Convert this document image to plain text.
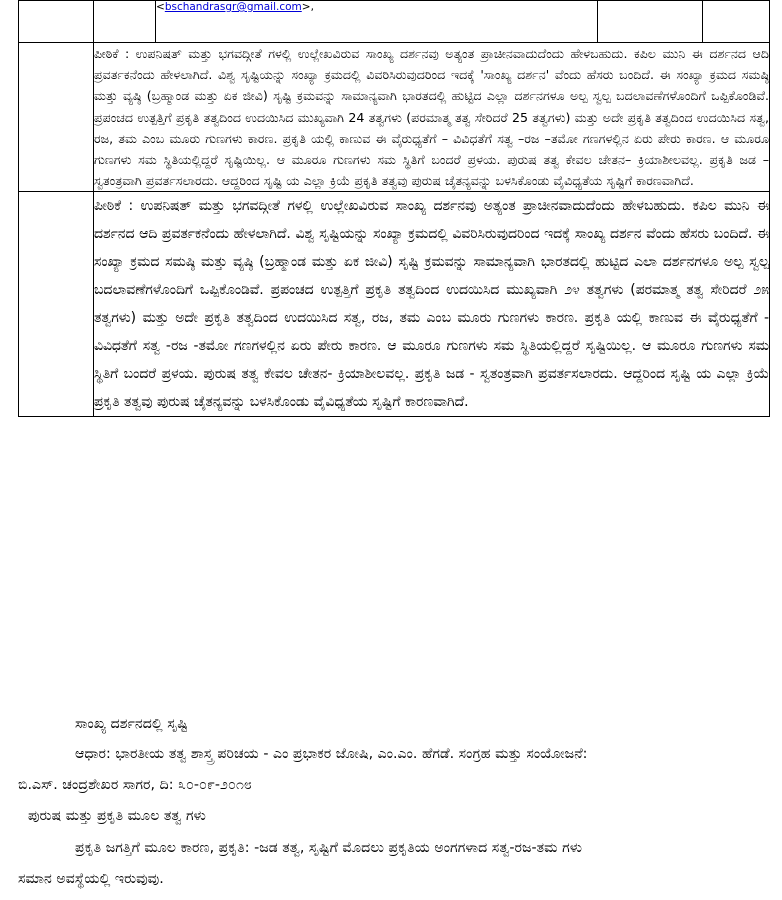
		<bschandrasgr@gmail.com>,		
	ಪೀಠಿಕೆ : ಉಪನಿಷತ್ ಮತ್ತು ಭಗವದ್ಗೀತೆ ಗಳಲ್ಲಿ ಉಲ್ಲೇಖವಿರುವ ಸಾಂಖ್ಯ ದರ್ಶನವು ಅತ್ಯಂತ ಪ್ರಾಚೀನವಾದುದೆಂದು ಹೇಳಬಹುದು. ಕಪಿಲ ಮುನಿ ಈ ದರ್ಶನದ ಆದಿ ಪ್ರವರ್ತಕನೆಂದು ಹೇಳಲಾಗಿದೆ. ವಿಶ್ವ ಸೃಷ್ಟಿಯನ್ನು ಸಂಖ್ಯಾ ಕ್ರಮದಲ್ಲಿ ವಿವರಿಸಿರುವುದರಿಂದ ಇದಕ್ಕೆ 'ಸಾಂಖ್ಯ ದರ್ಶನ' ವೆಂದು ಹೆಸರು ಬಂದಿದೆ. ಈ ಸಂಖ್ಯಾ ಕ್ರಮದ ಸಮಷ್ಠಿ ಮತ್ತು ವ್ಯಷ್ಠಿ (ಬ್ರಹ್ಮಾಂಡ ಮತ್ತು ಏಕ ಜೀವಿ) ಸೃಷ್ಟಿ ಕ್ರಮವನ್ನು ಸಾಮಾನ್ಯವಾಗಿ ಭಾರತದಲ್ಲಿ ಹುಟ್ಟಿದ ಎಲ್ಲಾ ದರ್ಶನಗಳೂ ಅಲ್ಪ ಸ್ವಲ್ಪ ಬದಲಾವಣೆಗಳೊಂದಿಗೆ ಒಪ್ಪಿಕೊಂಡಿವೆ. ಪ್ರಪಂಚದ ಉತ್ಪತ್ತಿಗೆ ಪ್ರಕೃತಿ ತತ್ವದಿಂದ ಉದಯಿಸಿದ ಮುಖ್ಯವಾಗಿ 24 ತತ್ವಗಳು (ಪರಮಾತ್ಮ ತತ್ವ ಸೇರಿದರೆ 25 ತತ್ವಗಳು) ಮತ್ತು ಅದೇ ಪ್ರಕೃತಿ ತತ್ವದಿಂದ ಉದಯಿಸಿದ ಸತ್ವ, ರಜ, ತಮ ಎಂಬ ಮೂರು ಗುಣಗಳು ಕಾರಣ. ಪ್ರಕೃತಿ ಯಲ್ಲಿ ಕಾಣುವ ಈ ವೈರುಧ್ಯತೆಗೆ – ವಿವಿಧತೆಗೆ ಸತ್ವ –ರಜ –ತಮೋ ಗಣಗಳಲ್ಲಿನ ಏರು ಪೇರು ಕಾರಣ. ಆ ಮೂರೂ ಗುಣಗಳು ಸಮ ಸ್ಥಿತಿಯಲ್ಲಿದ್ದರೆ ಸೃಷ್ಟಿಯಿಲ್ಲ. ಆ ಮೂರೂ ಗುಣಗಳು ಸಮ ಸ್ಥಿತಿಗೆ ಬಂದರೆ ಪ್ರಳಯ. ಪುರುಷ ತತ್ವ ಕೇವಲ ಚೇತನ– ಕ್ರಿಯಾಶೀಲವಲ್ಲ. ಪ್ರಕೃತಿ ಜಡ – ಸ್ವತಂತ್ರವಾಗಿ ಪ್ರವರ್ತಸಲಾರದು. ಆದ್ದರಿಂದ ಸೃಷ್ಟಿ ಯ ಎಲ್ಲಾ ಕ್ರಿಯೆ ಪ್ರಕೃತಿ ತತ್ವವು ಪುರುಷ ಚೈತನ್ಯವನ್ನು ಬಳಸಿಕೊಂಡು ವೈವಿಧ್ಯತೆಯ ಸೃಷ್ಟಿಗೆ ಕಾರಣವಾಗಿದೆ.			
	ಪೀಠಿಕೆ : ಉಪನಿಷತ್ ಮತ್ತು ಭಗವದ್ಗೀತೆ ಗಳಲ್ಲಿ ಉಲ್ಲೇಖವಿರುವ ಸಾಂಖ್ಯ ದರ್ಶನವು ಅತ್ಯಂತ ಪ್ರಾಚೀನವಾದುದೆಂದು ಹೇಳಬಹುದು. ಕಪಿಲ ಮುನಿ ಈ ದರ್ಶನದ ಆದಿ ಪ್ರವರ್ತಕನೆಂದು ಹೇಳಲಾಗಿದೆ. ವಿಶ್ವ ಸೃಷ್ಟಿಯನ್ನು ಸಂಖ್ಯಾ ಕ್ರಮದಲ್ಲಿ ವಿವರಿಸಿರುವುದರಿಂದ ಇದಕ್ಕೆ ಸಾಂಖ್ಯ ದರ್ಶನ ವೆಂದು ಹೆಸರು ಬಂದಿದೆ. ಈ ಸಂಖ್ಯಾ ಕ್ರಮದ ಸಮಷ್ಠಿ ಮತ್ತು ವ್ಯಷ್ಠಿ (ಬ್ರಹ್ಮಾಂಡ ಮತ್ತು ಏಕ ಜೀವಿ) ಸೃಷ್ಟಿ ಕ್ರಮವನ್ನು ಸಾಮಾನ್ಯವಾಗಿ ಭಾರತದಲ್ಲಿ ಹುಟ್ಟಿದ ಎಲಾ ದರ್ಶನಗಳೂ ಅಲ್ಪ ಸ್ವಲ್ಪ ಬದಲಾವಣೆಗಳೊಂದಿಗೆ ಒಪ್ಪಿಕೊಂಡಿವೆ. ಪ್ರಪಂಚದ ಉತ್ಪತ್ತಿಗೆ ಪ್ರಕೃತಿ ತತ್ವದಿಂದ ಉದಯಿಸಿದ ಮುಖ್ಯವಾಗಿ ೨೪ ತತ್ವಗಳು (ಪರಮಾತ್ಮ ತತ್ವ ಸೇರಿದರೆ ೨೫ ತತ್ವಗಳು) ಮತ್ತು ಅದೇ ಪ್ರಕೃತಿ ತತ್ವದಿಂದ ಉದಯಿಸಿದ ಸತ್ವ, ರಜ, ತಮ ಎಂಬ ಮೂರು ಗುಣಗಳು ಕಾರಣ. ಪ್ರಕೃತಿ ಯಲ್ಲಿ ಕಾಣುವ ಈ ವೈರುಧ್ಯತೆಗೆ - ವಿವಿಧತೆಗೆ ಸತ್ವ -ರಜ -ತಮೋ ಗಣಗಳಲ್ಲಿನ ಏರು ಪೇರು ಕಾರಣ. ಆ ಮೂರೂ ಗುಣಗಳು ಸಮ ಸ್ಥಿತಿಯಲ್ಲಿದ್ದರೆ ಸೃಷ್ಟಿಯಿಲ್ಲ. ಆ ಮೂರೂ ಗುಣಗಳು ಸಮ ಸ್ಥಿತಿಗೆ ಬಂದರೆ ಪ್ರಳಯ. ಪುರುಷ ತತ್ವ ಕೇವಲ ಚೇತನ- ಕ್ರಿಯಾಶೀಲವಲ್ಲ. ಪ್ರಕೃತಿ ಜಡ - ಸ್ವತಂತ್ರವಾಗಿ ಪ್ರವರ್ತಸಲಾರದು. ಆದ್ದರಿಂದ ಸೃಷ್ಟಿ ಯ ಎಲ್ಲಾ ಕ್ರಿಯೆ ಪ್ರಕೃತಿ ತತ್ವವು ಪುರುಷ ಚೈತನ್ಯವನ್ನು ಬಳಸಿಕೊಂಡು ವೈವಿಧ್ಯತೆಯ ಸೃಷ್ಟಿಗೆ ಕಾರಣವಾಗಿದೆ.			
ಸಾಂಖ್ಯ ದರ್ಶನದಲ್ಲಿ ಸೃಷ್ಟಿ
ಆಧಾರ: ಭಾರತೀಯ ತತ್ವ ಶಾಸ್ತ್ರ ಪರಿಚಯ - ಎಂ ಪ್ರಭಾಕರ ಜೋಷಿ, ಎಂ.ಎಂ. ಹೆಗಡೆ. ಸಂಗ್ರಹ ಮತ್ತು ಸಂಯೋಜನೆ:
ಬಿ.ಎಸ್. ಚಂದ್ರಶೇಖರ ಸಾಗರ, ದಿ: ೩೦-೦೯-೨೦೧೮
ಪುರುಷ ಮತ್ತು ಪ್ರಕೃತಿ ಮೂಲ ತತ್ವ ಗಳು
ಪ್ರಕೃತಿ ಜಗತ್ತಿಗೆ ಮೂಲ ಕಾರಣ, ಪ್ರಕೃತಿ: -ಜಡ ತತ್ವ, ಸೃಷ್ಟಿಗೆ ಮೊದಲು ಪ್ರಕೃತಿಯ ಅಂಗಗಳಾದ ಸತ್ವ-ರಜ-ತಮ ಗಳು
ಸಮಾನ ಅವಸ್ಥೆಯಲ್ಲಿ ಇರುವುವು.
